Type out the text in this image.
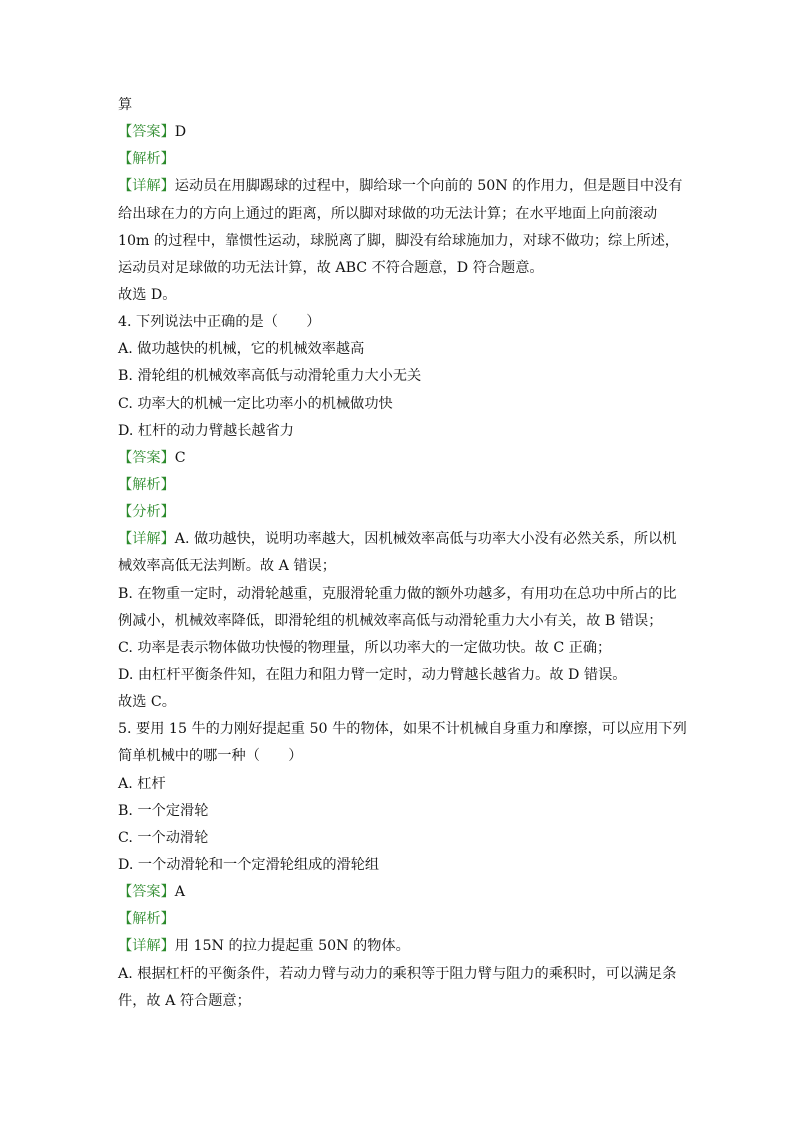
算
【答案】D
【解析】
【详解】运动员在用脚踢球的过程中，脚给球一个向前的 50N 的作用力，但是题目中没有
给出球在力的方向上通过的距离，所以脚对球做的功无法计算；在水平地面上向前滚动
10m 的过程中，靠惯性运动，球脱离了脚，脚没有给球施加力，对球不做功；综上所述，
运动员对足球做的功无法计算，故 ABC 不符合题意，D 符合题意。
故选 D。
4. 下列说法中正确的是（　　）
A. 做功越快的机械，它的机械效率越高
B. 滑轮组的机械效率高低与动滑轮重力大小无关
C. 功率大的机械一定比功率小的机械做功快
D. 杠杆的动力臂越长越省力
【答案】C
【解析】
【分析】
【详解】A. 做功越快，说明功率越大，因机械效率高低与功率大小没有必然关系，所以机
械效率高低无法判断。故 A 错误；
B. 在物重一定时，动滑轮越重，克服滑轮重力做的额外功越多，有用功在总功中所占的比
例减小，机械效率降低，即滑轮组的机械效率高低与动滑轮重力大小有关，故 B 错误；
C. 功率是表示物体做功快慢的物理量，所以功率大的一定做功快。故 C 正确；
D. 由杠杆平衡条件知，在阻力和阻力臂一定时，动力臂越长越省力。故 D 错误。
故选 C。
5. 要用 15 牛的力刚好提起重 50 牛的物体，如果不计机械自身重力和摩擦，可以应用下列
简单机械中的哪一种（　　）
A. 杠杆
B. 一个定滑轮
C. 一个动滑轮
D. 一个动滑轮和一个定滑轮组成的滑轮组
【答案】A
【解析】
【详解】用 15N 的拉力提起重 50N 的物体。
A. 根据杠杆的平衡条件，若动力臂与动力的乘积等于阻力臂与阻力的乘积时，可以满足条
件，故 A 符合题意；
